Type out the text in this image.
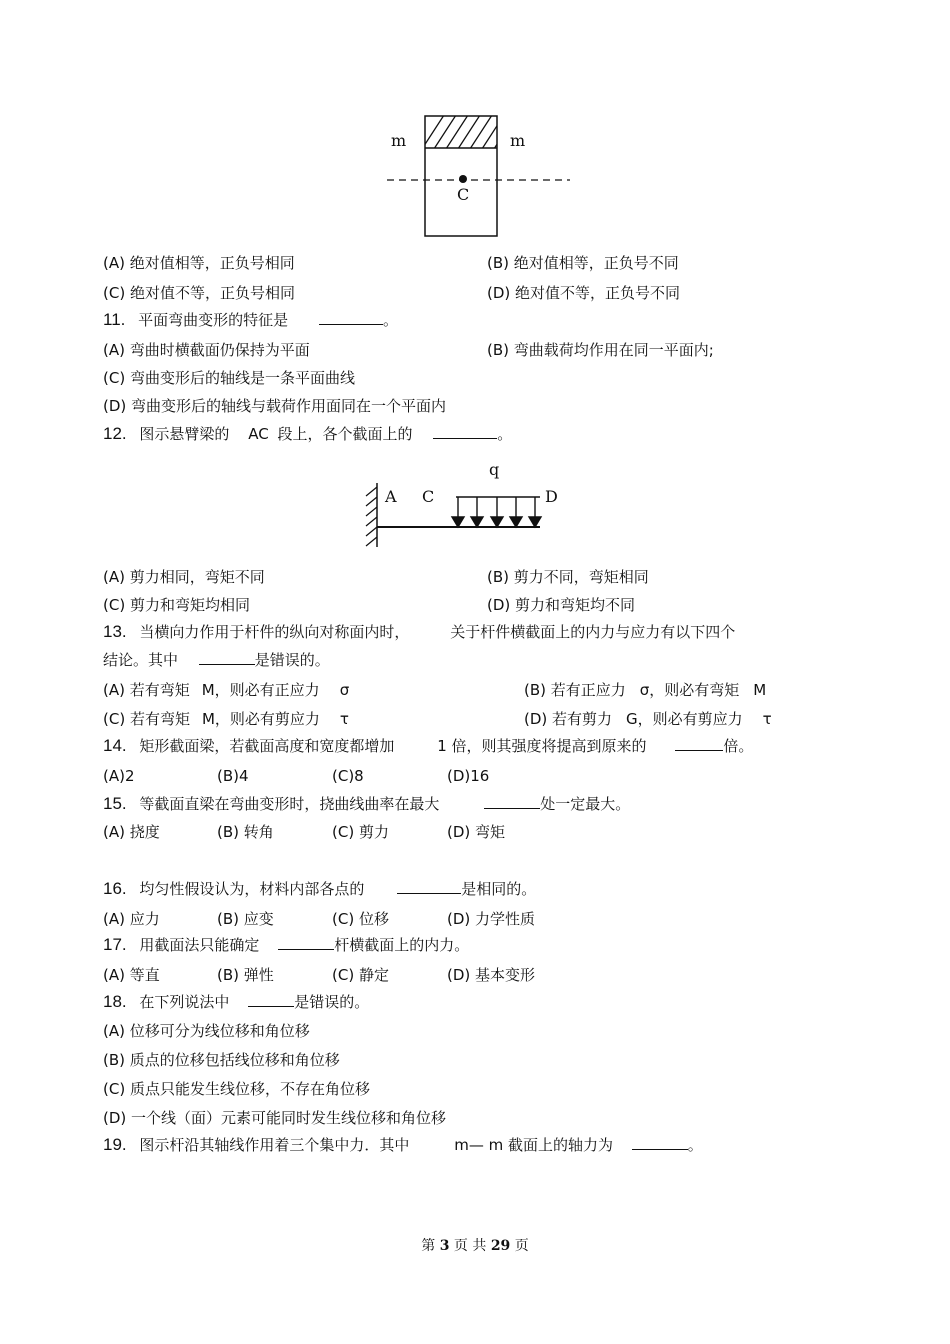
m	m
C
(A) 绝对值相等，正负号相同	(B) 绝对值相等，正负号不同
(C) 绝对值不等，正负号相同	(D) 绝对值不等，正负号不同
11. 平面弯曲变形的特征是	。
(A) 弯曲时横截面仍保持为平面	(B) 弯曲载荷均作用在同一平面内;
(C) 弯曲变形后的轴线是一条平面曲线
(D) 弯曲变形后的轴线与载荷作用面同在一个平面内
12. 图示悬臂梁的 AC 段上，各个截面上的	。
A C	D
q
(A) 剪力相同，弯矩不同	(B) 剪力不同，弯矩相同
(C) 剪力和弯矩均相同	(D) 剪力和弯矩均不同
13. 当横向力作用于杆件的纵向对称面内时，	关于杆件横截面上的内力与应力有以下四个
结论。其中	是错误的。
(A) 若有弯矩 M，则必有正应力 σ	(B) 若有正应力 σ，则必有弯矩 M
(C) 若有弯矩 M，则必有剪应力 τ	(D) 若有剪力 G，则必有剪应力 τ
14. 矩形截面梁，若截面高度和宽度都增加	1 倍，则其强度将提高到原来的	倍。
(A)2	(B)4	(C)8	(D)16
15. 等截面直梁在弯曲变形时，挠曲线曲率在最大	处一定最大。
(A) 挠度	(B) 转角	(C) 剪力	(D) 弯矩
16. 均匀性假设认为，材料内部各点的	是相同的。
(A) 应力	(B) 应变	(C) 位移	(D) 力学性质
17. 用截面法只能确定	杆横截面上的内力。
(A) 等直	(B) 弹性	(C) 静定	(D) 基本变形
18. 在下列说法中	是错误的。
(A) 位移可分为线位移和角位移
(B) 质点的位移包括线位移和角位移
(C) 质点只能发生线位移，不存在角位移
(D) 一个线（面）元素可能同时发生线位移和角位移
19. 图示杆沿其轴线作用着三个集中力．其中	m— m 截面上的轴力为	。
第 3 页 共 29 页
